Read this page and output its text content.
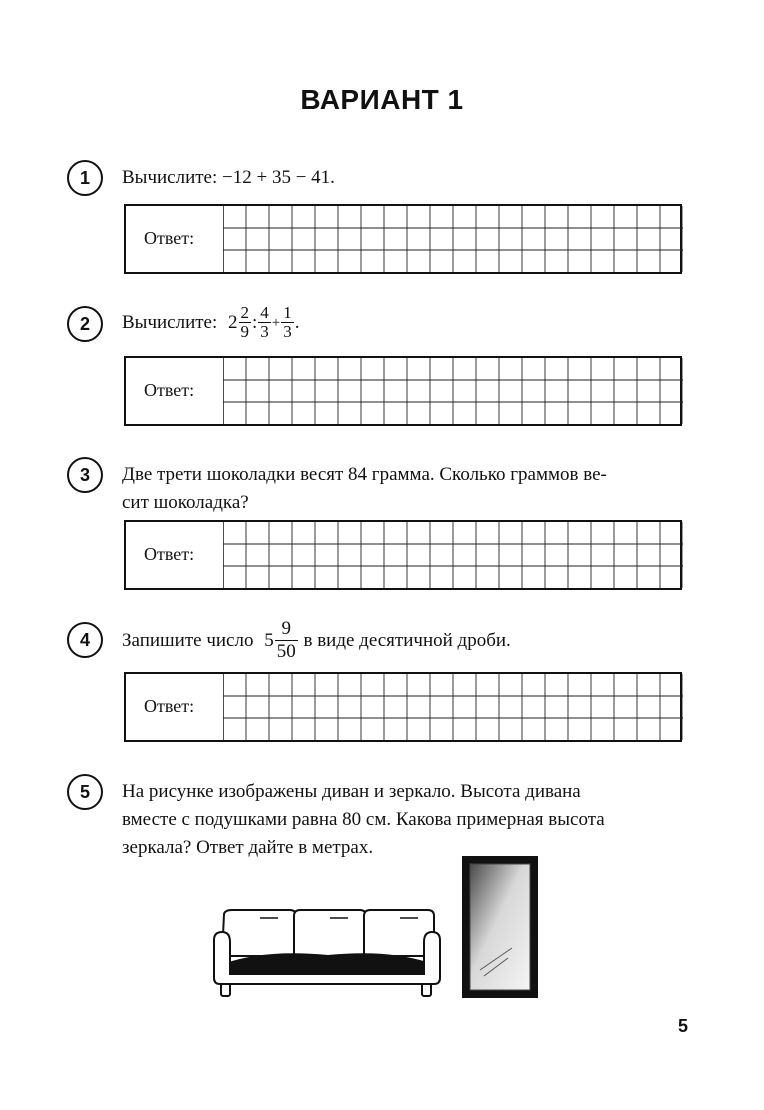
ВАРИАНТ 1
1	Вычислите: −12 + 35 − 41.
Ответ:
2	Вычислите: $2 \frac{2}{9}$ : $\frac{4}{3} + \frac{1}{3}$ .
Ответ:
3	Две трети шоколадки весят 84 грамма. Сколько граммов ве-
сит шоколадка?
Ответ:
4	Запишите число $5 \frac{9}{50}$ в виде десятичной дроби.
Ответ:
5	На рисунке изображены диван и зеркало. Высота дивана
вместе с подушками равна 80 см. Какова примерная высота
зеркала? Ответ дайте в метрах.
5
